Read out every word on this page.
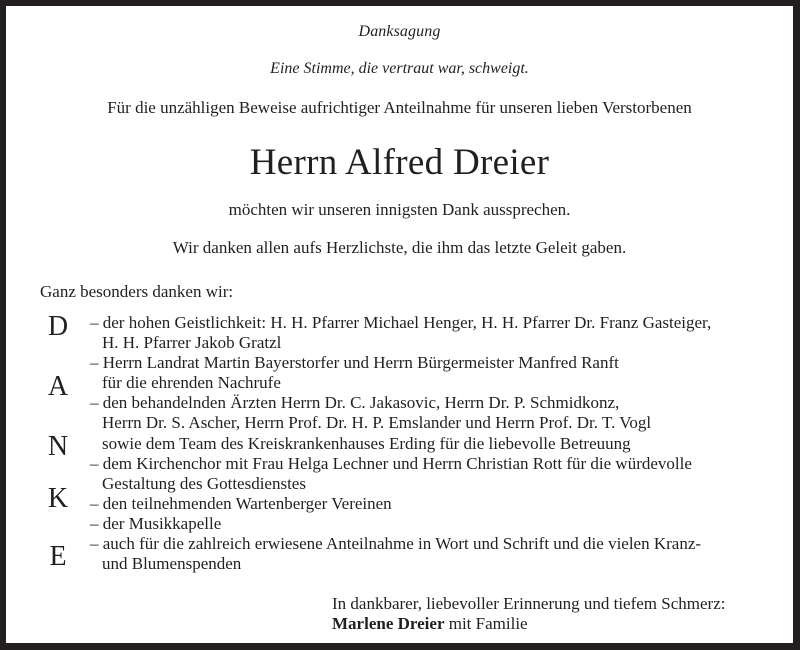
Danksagung
Eine Stimme, die vertraut war, schweigt.
Für die unzähligen Beweise aufrichtiger Anteilnahme für unseren lieben Verstorbenen
Herrn Alfred Dreier
möchten wir unseren innigsten Dank aussprechen.
Wir danken allen aufs Herzlichste, die ihm das letzte Geleit gaben.
Ganz besonders danken wir:
D
A
N
K
E
– der hohen Geistlichkeit: H. H. Pfarrer Michael Henger, H. H. Pfarrer Dr. Franz Gasteiger,
H. H. Pfarrer Jakob Gratzl
– Herrn Landrat Martin Bayerstorfer und Herrn Bürgermeister Manfred Ranft
für die ehrenden Nachrufe
– den behandelnden Ärzten Herrn Dr. C. Jakasovic, Herrn Dr. P. Schmidkonz,
Herrn Dr. S. Ascher, Herrn Prof. Dr. H. P. Emslander und Herrn Prof. Dr. T. Vogl
sowie dem Team des Kreiskrankenhauses Erding für die liebevolle Betreuung
– dem Kirchenchor mit Frau Helga Lechner und Herrn Christian Rott für die würdevolle
Gestaltung des Gottesdienstes
– den teilnehmenden Wartenberger Vereinen
– der Musikkapelle
– auch für die zahlreich erwiesene Anteilnahme in Wort und Schrift und die vielen Kranz-
und Blumenspenden
In dankbarer, liebevoller Erinnerung und tiefem Schmerz:
Marlene Dreier mit Familie
